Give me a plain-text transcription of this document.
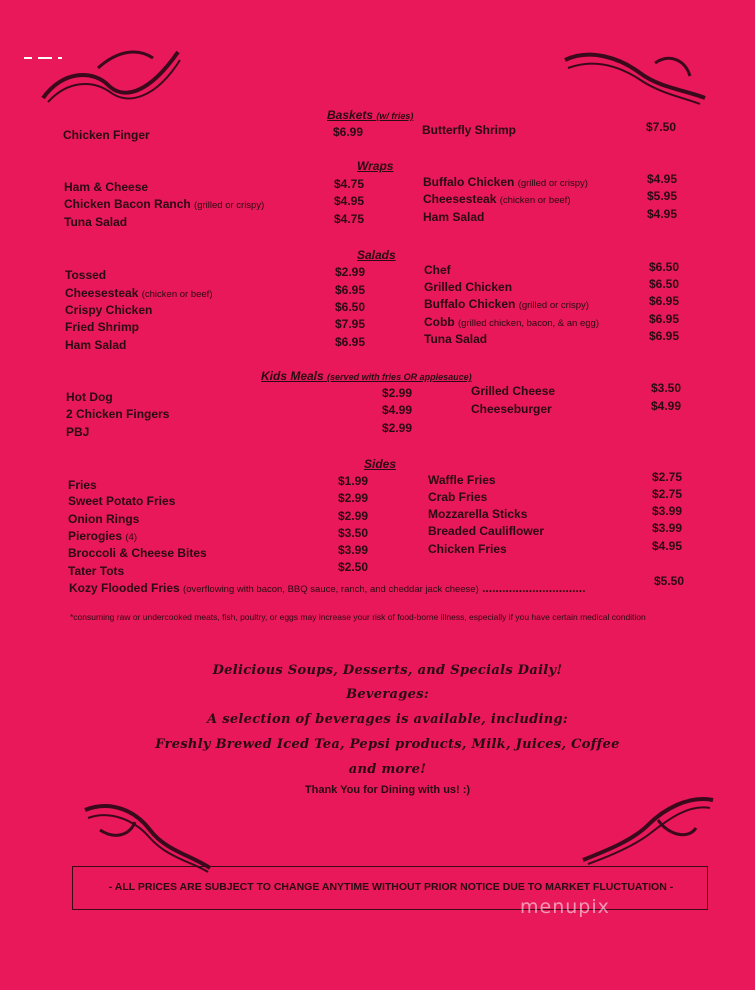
Baskets (w/ fries)
Chicken Finger	$6.99	Butterfly Shrimp	$7.50
Wraps
Ham & Cheese	$4.75
Chicken Bacon Ranch (grilled or crispy)	$4.95
Tuna Salad	$4.75
Buffalo Chicken (grilled or crispy)	$4.95
Cheesesteak (chicken or beef)	$5.95
Ham Salad	$4.95
Salads
Tossed	$2.99
Cheesesteak (chicken or beef)	$6.95
Crispy Chicken	$6.50
Fried Shrimp	$7.95
Ham Salad	$6.95
Chef	$6.50
Grilled Chicken	$6.50
Buffalo Chicken (grilled or crispy)	$6.95
Cobb (grilled chicken, bacon, & an egg)	$6.95
Tuna Salad	$6.95
Kids Meals (served with fries OR applesauce)
Hot Dog	$2.99
2 Chicken Fingers	$4.99
PBJ	$2.99
Grilled Cheese	$3.50
Cheeseburger	$4.99
Sides
Fries	$1.99
Sweet Potato Fries	$2.99
Onion Rings	$2.99
Pierogies (4)	$3.50
Broccoli & Cheese Bites	$3.99
Tater Tots	$2.50
Waffle Fries	$2.75
Crab Fries	$2.75
Mozzarella Sticks	$3.99
Breaded Cauliflower	$3.99
Chicken Fries	$4.95
Kozy Flooded Fries (overflowing with bacon, BBQ sauce, ranch, and cheddar jack cheese) ...............................	$5.50
*consuming raw or undercooked meats, fish, poultry, or eggs may increase your risk of food-borne illness, especially if you have certain medical condition
Delicious Soups, Desserts, and Specials Daily!
Beverages:
A selection of beverages is available, including:
Freshly Brewed Iced Tea, Pepsi products, Milk, Juices, Coffee
and more!
Thank You for Dining with us! :)
- ALL PRICES ARE SUBJECT TO CHANGE ANYTIME WITHOUT PRIOR NOTICE DUE TO MARKET FLUCTUATION -
menupix
